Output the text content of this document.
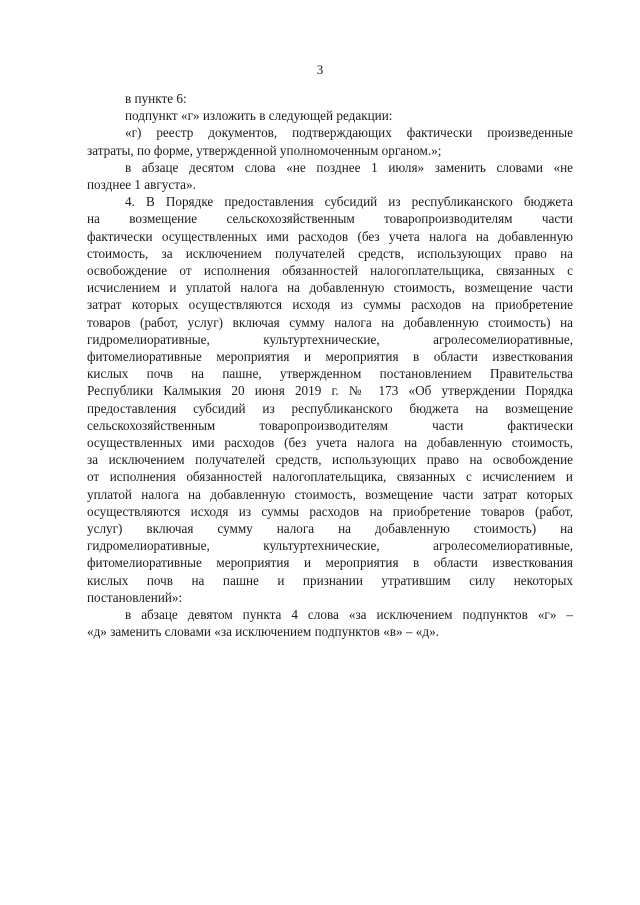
3
в пункте 6:
подпункт «г» изложить в следующей редакции:
«г) реестр документов, подтверждающих фактически произведенные
затраты, по форме, утвержденной уполномоченным органом.»;
в абзаце десятом слова «не позднее 1 июля» заменить словами «не
позднее 1 августа».
4. В Порядке предоставления субсидий из республиканского бюджета
на возмещение сельскохозяйственным товаропроизводителям части
фактически осуществленных ими расходов (без учета налога на добавленную
стоимость, за исключением получателей средств, использующих право на
освобождение от исполнения обязанностей налогоплательщика, связанных с
исчислением и уплатой налога на добавленную стоимость, возмещение части
затрат которых осуществляются исходя из суммы расходов на приобретение
товаров (работ, услуг) включая сумму налога на добавленную стоимость) на
гидромелиоративные, культуртехнические, агролесомелиоративные,
фитомелиоративные мероприятия и мероприятия в области известкования
кислых почв на пашне, утвержденном постановлением Правительства
Республики Калмыкия 20 июня 2019 г. № 173 «Об утверждении Порядка
предоставления субсидий из республиканского бюджета на возмещение
сельскохозяйственным товаропроизводителям части фактически
осуществленных ими расходов (без учета налога на добавленную стоимость,
за исключением получателей средств, использующих право на освобождение
от исполнения обязанностей налогоплательщика, связанных с исчислением и
уплатой налога на добавленную стоимость, возмещение части затрат которых
осуществляются исходя из суммы расходов на приобретение товаров (работ,
услуг) включая сумму налога на добавленную стоимость) на
гидромелиоративные, культуртехнические, агролесомелиоративные,
фитомелиоративные мероприятия и мероприятия в области известкования
кислых почв на пашне и признании утратившим силу некоторых
постановлений»:
в абзаце девятом пункта 4 слова «за исключением подпунктов «г» –
«д» заменить словами «за исключением подпунктов «в» – «д».
